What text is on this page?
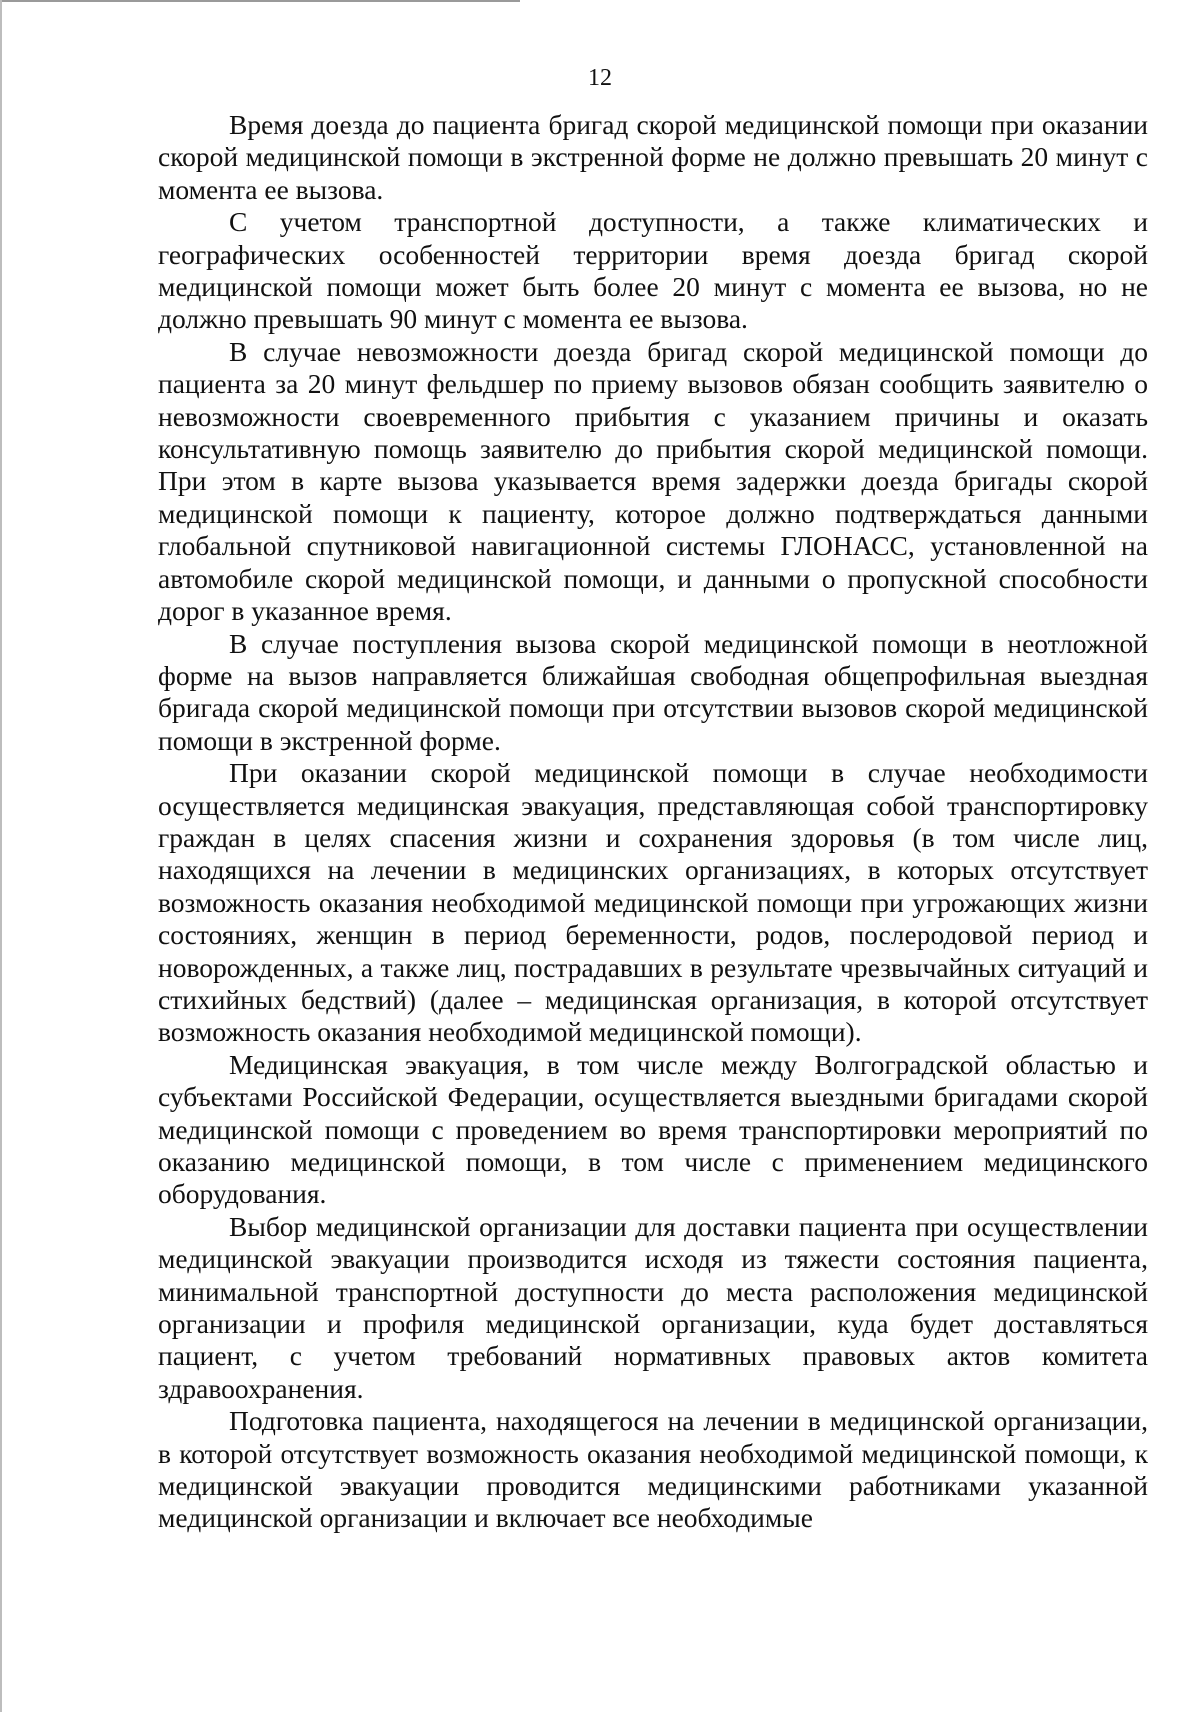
12

Время доезда до пациента бригад скорой медицинской помощи при оказании скорой медицинской помощи в экстренной форме не должно превышать 20 минут с момента ее вызова.

С учетом транспортной доступности, а также климатических и географических особенностей территории время доезда бригад скорой медицинской помощи может быть более 20 минут с момента ее вызова, но не должно превышать 90 минут с момента ее вызова.

В случае невозможности доезда бригад скорой медицинской помощи до пациента за 20 минут фельдшер по приему вызовов обязан сообщить заявителю о невозможности своевременного прибытия с указанием причины и оказать консультативную помощь заявителю до прибытия скорой медицинской помощи. При этом в карте вызова указывается время задержки доезда бригады скорой медицинской помощи к пациенту, которое должно подтверждаться данными глобальной спутниковой навигационной системы ГЛОНАСС, установленной на автомобиле скорой медицинской помощи, и данными о пропускной способности дорог в указанное время.

В случае поступления вызова скорой медицинской помощи в неотложной форме на вызов направляется ближайшая свободная общепрофильная выездная бригада скорой медицинской помощи при отсутствии вызовов скорой медицинской помощи в экстренной форме.

При оказании скорой медицинской помощи в случае необходимости осуществляется медицинская эвакуация, представляющая собой транспортировку граждан в целях спасения жизни и сохранения здоровья (в том числе лиц, находящихся на лечении в медицинских организациях, в которых отсутствует возможность оказания необходимой медицинской помощи при угрожающих жизни состояниях, женщин в период беременности, родов, послеродовой период и новорожденных, а также лиц, пострадавших в результате чрезвычайных ситуаций и стихийных бедствий) (далее – медицинская организация, в которой отсутствует возможность оказания необходимой медицинской помощи).

Медицинская эвакуация, в том числе между Волгоградской областью и субъектами Российской Федерации, осуществляется выездными бригадами скорой медицинской помощи с проведением во время транспортировки мероприятий по оказанию медицинской помощи, в том числе с применением медицинского оборудования.

Выбор медицинской организации для доставки пациента при осуществлении медицинской эвакуации производится исходя из тяжести состояния пациента, минимальной транспортной доступности до места расположения медицинской организации и профиля медицинской организации, куда будет доставляться пациент, с учетом требований нормативных правовых актов комитета здравоохранения.

Подготовка пациента, находящегося на лечении в медицинской организации, в которой отсутствует возможность оказания необходимой медицинской помощи, к медицинской эвакуации проводится медицинскими работниками указанной медицинской организации и включает все необходимые
